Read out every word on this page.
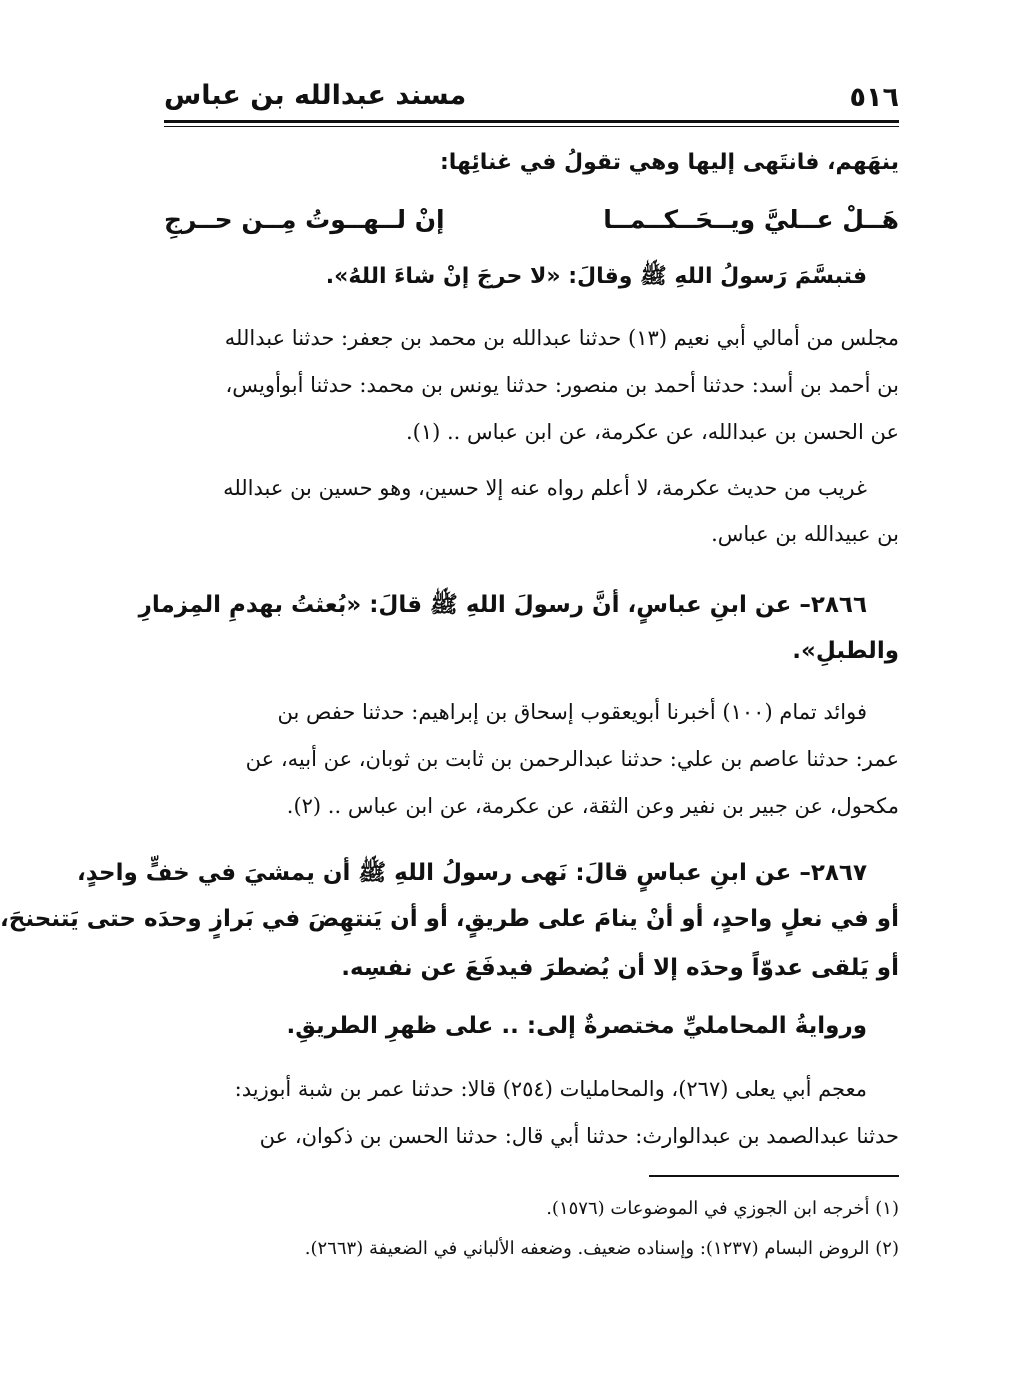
٥١٦
مسند عبدالله بن عباس
ينهَهم، فانتَهى إليها وهي تقولُ في غنائِها:
هَــلْ عــليَّ ويــحَــكــمــا
إنْ لــهــوتُ مِــن حــرجِ
فتبسَّمَ رَسولُ اللهِ ﷺ وقالَ: «لا حرجَ إنْ شاءَ اللهُ».
مجلس من أمالي أبي نعيم (١٣) حدثنا عبدالله بن محمد بن جعفر: حدثنا عبدالله
بن أحمد بن أسد: حدثنا أحمد بن منصور: حدثنا يونس بن محمد: حدثنا أبوأويس،
عن الحسن بن عبدالله، عن عكرمة، عن ابن عباس .. (١).
غريب من حديث عكرمة، لا أعلم رواه عنه إلا حسين، وهو حسين بن عبدالله
بن عبيدالله بن عباس.
٢٨٦٦– عن ابنِ عباسٍ، أنَّ رسولَ اللهِ ﷺ قالَ: «بُعثتُ بهدمِ المِزمارِ
والطبلِ».
فوائد تمام (١٠٠) أخبرنا أبويعقوب إسحاق بن إبراهيم: حدثنا حفص بن
عمر: حدثنا عاصم بن علي: حدثنا عبدالرحمن بن ثابت بن ثوبان، عن أبيه، عن
مكحول، عن جبير بن نفير وعن الثقة، عن عكرمة، عن ابن عباس .. (٢).
٢٨٦٧– عن ابنِ عباسٍ قالَ: نَهى رسولُ اللهِ ﷺ أن يمشيَ في خفٍّ واحدٍ،
أو في نعلٍ واحدٍ، أو أنْ ينامَ على طريقٍ، أو أن يَنتهِضَ في بَرازٍ وحدَه حتى يَتنحنحَ،
أو يَلقى عدوّاً وحدَه إلا أن يُضطرَ فيدفَعَ عن نفسِه.
وروايةُ المحامليِّ مختصرةٌ إلى: .. على ظهرِ الطريقِ.
معجم أبي يعلى (٢٦٧)، والمحامليات (٢٥٤) قالا: حدثنا عمر بن شبة أبوزيد:
حدثنا عبدالصمد بن عبدالوارث: حدثنا أبي قال: حدثنا الحسن بن ذكوان، عن
(١) أخرجه ابن الجوزي في الموضوعات (١٥٧٦).
(٢) الروض البسام (١٢٣٧): وإسناده ضعيف. وضعفه الألباني في الضعيفة (٢٦٦٣).
